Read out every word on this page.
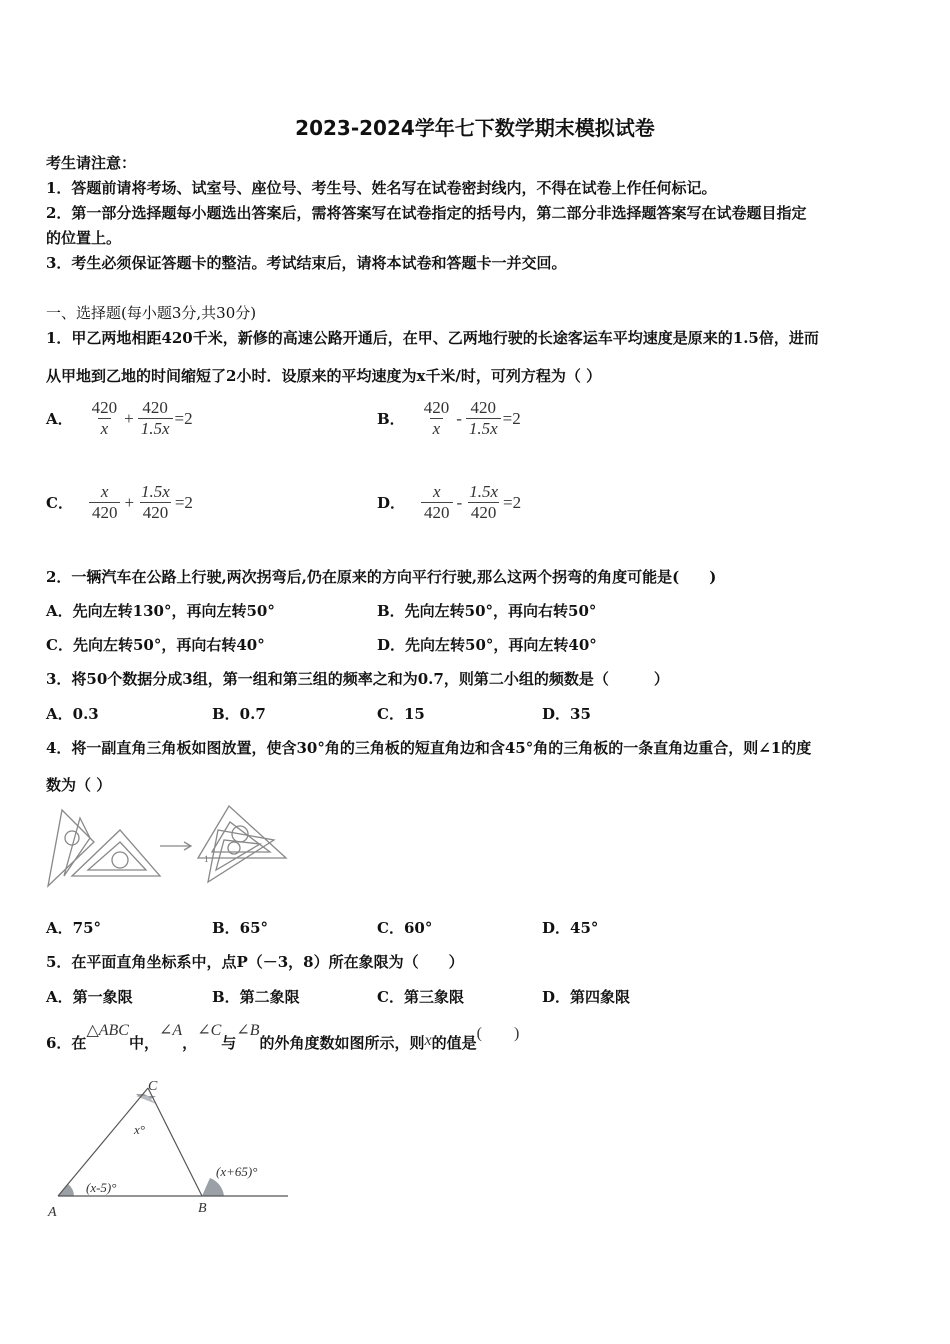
2023-2024学年七下数学期末模拟试卷
考生请注意：
1．答题前请将考场、试室号、座位号、考生号、姓名写在试卷密封线内，不得在试卷上作任何标记。
2．第一部分选择题每小题选出答案后，需将答案写在试卷指定的括号内，第二部分非选择题答案写在试卷题目指定
的位置上。
3．考生必须保证答题卡的整洁。考试结束后，请将本试卷和答题卡一并交回。
一、选择题(每小题3分,共30分)
1．甲乙两地相距420千米，新修的高速公路开通后，在甲、乙两地行驶的长途客运车平均速度是原来的1.5倍，进而
从甲地到乙地的时间缩短了2小时．设原来的平均速度为x千米/时，可列方程为（ ）
A．
420
x
+ $\frac{420}{1.5x} =2$	B．
420
x
- $\frac{420}{1.5x} =2$
C．
x
420
+ $\frac{1.5x}{420} =2$	D．
x
420
- $\frac{1.5x}{420} =2$
2．一辆汽车在公路上行驶,两次拐弯后,仍在原来的方向平行行驶,那么这两个拐弯的角度可能是(　　)
A．先向左转130°，再向左转50°	B．先向左转50°，再向右转50°
C．先向左转50°，再向右转40°	D．先向左转50°，再向左转40°
3．将50个数据分成3组，第一组和第三组的频率之和为0.7，则第二小组的频数是（　　　）
A．0.3	B．0.7	C．15	D．35
4．将一副直角三角板如图放置，使含30°角的三角板的短直角边和含45°角的三角板的一条直角边重合，则∠1的度
数为（ ）
1
A．75°	B．65°	C．60°	D．45°
5．在平面直角坐标系中，点P（－3，8）所在象限为（　　）
A．第一象限	B．第二象限	C．第三象限	D．第四象限
6．在
△ABC
中，
∠A
，
∠C
与
∠B
的外角度数如图所示，则 x 的值是
(　　)
C
A	B
x°
(x-5)°
(x+65)°
